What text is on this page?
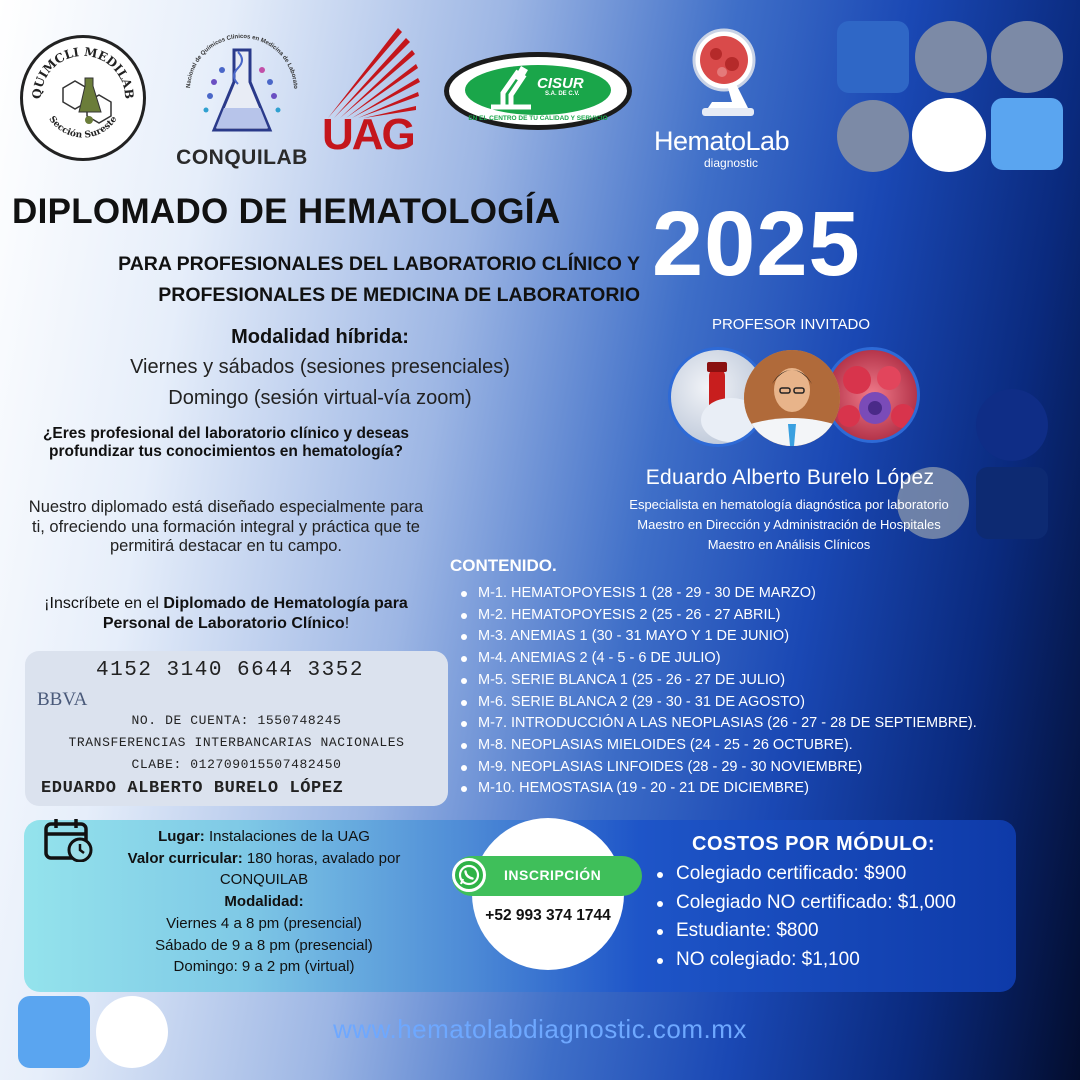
QUIMCLI MEDILAB
Sección Sureste
Nacional de Químicos Clínicos en Medicina de Laborato
CONQUILAB UAG
CISUR
S.A. DE C.V.
EN EL CENTRO DE TU CALIDAD Y SERVICIO
HematoLab
diagnostic
DIPLOMADO DE HEMATOLOGÍA
PARA PROFESIONALES DEL LABORATORIO CLÍNICO Y
PROFESIONALES DE MEDICINA DE LABORATORIO 2025
Modalidad híbrida:
Viernes y sábados (sesiones presenciales)
Domingo (sesión virtual-vía zoom)
¿Eres profesional del laboratorio clínico y deseas profundizar tus conocimientos en hematología?
Nuestro diplomado está diseñado especialmente para ti, ofreciendo una formación integral y práctica que te permitirá destacar en tu campo.
¡Inscríbete en el Diplomado de Hematología para Personal de Laboratorio Clínico!
4152 3140 6644 3352
BBVA
NO. DE CUENTA: 1550748245
TRANSFERENCIAS INTERBANCARIAS NACIONALES
CLABE: 012709015507482450
EDUARDO ALBERTO BURELO LÓPEZ
PROFESOR INVITADO
Eduardo Alberto Burelo López
Especialista en hematología diagnóstica por laboratorio
Maestro en Dirección y Administración de Hospitales
Maestro en Análisis Clínicos
CONTENIDO.
M-1. HEMATOPOYESIS 1 (28 - 29 - 30 DE MARZO)
M-2. HEMATOPOYESIS 2 (25 - 26 - 27 ABRIL)
M-3. ANEMIAS 1 (30 - 31 MAYO Y 1 DE JUNIO)
M-4. ANEMIAS 2 (4 - 5 - 6 DE JULIO)
M-5. SERIE BLANCA 1 (25 - 26 - 27 DE JULIO)
M-6. SERIE BLANCA 2 (29 - 30 - 31 DE AGOSTO)
M-7. INTRODUCCIÓN A LAS NEOPLASIAS (26 - 27 - 28 DE SEPTIEMBRE).
M-8. NEOPLASIAS MIELOIDES (24 - 25 - 26 OCTUBRE).
M-9. NEOPLASIAS LINFOIDES (28 - 29 - 30 NOVIEMBRE)
M-10. HEMOSTASIA (19 - 20 - 21 DE DICIEMBRE)
Lugar: Instalaciones de la UAG
Valor curricular: 180 horas, avalado por CONQUILAB
Modalidad:
Viernes 4 a 8 pm (presencial)
Sábado de 9 a 8 pm (presencial)
Domingo: 9 a 2 pm (virtual)
INSCRIPCIÓN
+52 993 374 1744
COSTOS POR MÓDULO:
Colegiado certificado: $900
Colegiado NO certificado: $1,000
Estudiante: $800
NO colegiado: $1,100
www.hematolabdiagnostic.com.mx
